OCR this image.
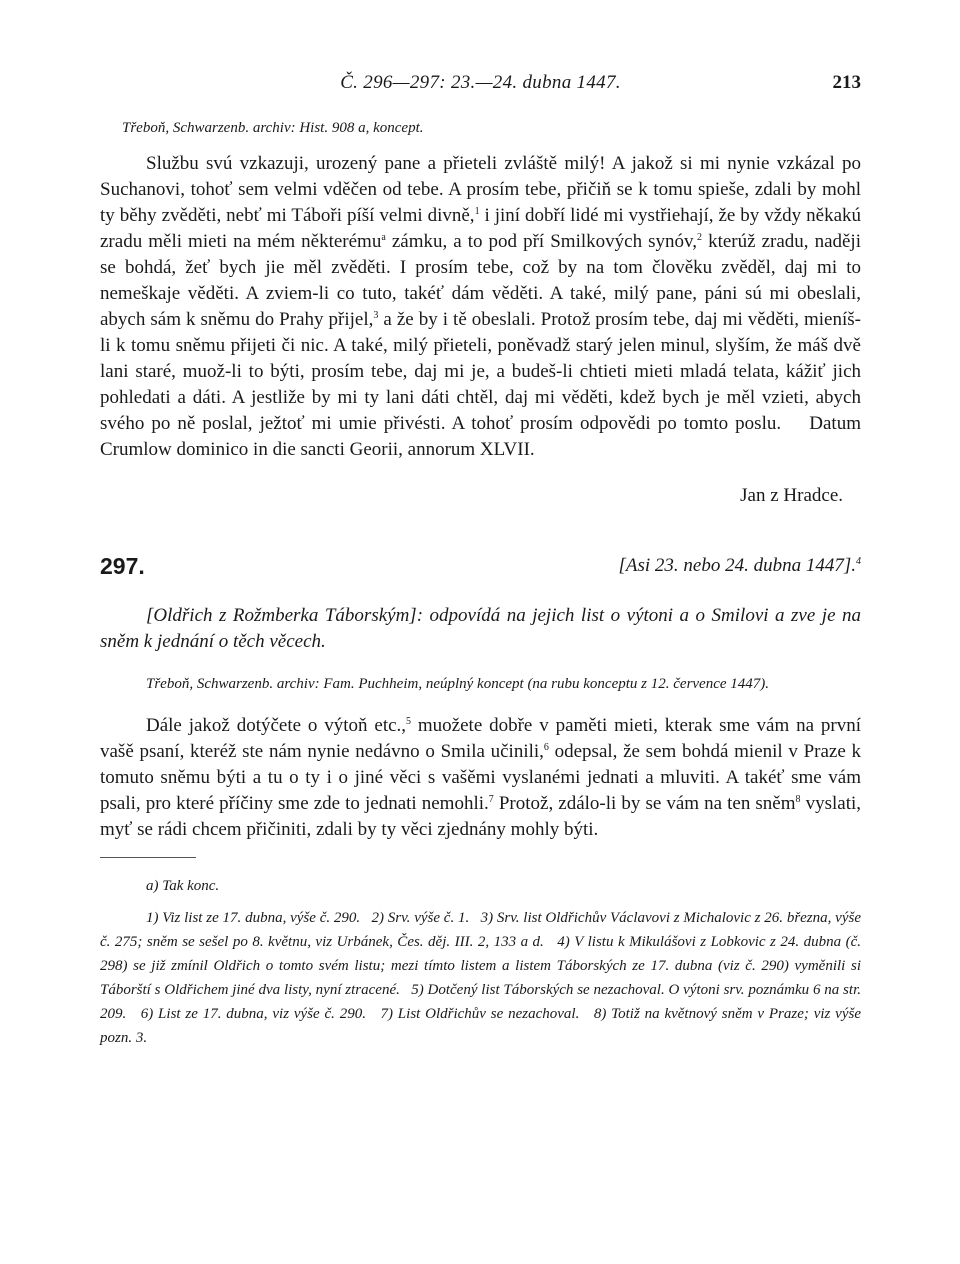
Č. 296—297: 23.—24. dubna 1447.	213
Třeboň, Schwarzenb. archiv: Hist. 908 a, koncept.

Službu svú vzkazuji, urozený pane a přieteli zvláště milý! A jakož si mi nynie vzkázal po Suchanovi, tohoť sem velmi vděčen od tebe. A prosím tebe, přičiň se k tomu spieše, zdali by mohl ty běhy zvěděti, nebť mi Táboři píší velmi divně,$^1$ i jiní dobří lidé mi vystřiehají, že by vždy někakú zradu měli mieti na mém některému$^a$ zámku, a to pod pří Smilkových synóv,$^2$ kterúž zradu, naději se bohdá, žeť bych jie měl zvěděti. I prosím tebe, což by na tom člověku zvěděl, daj mi to nemeškaje věděti. A zviem-li co tuto, takéť dám věděti. A také, milý pane, páni sú mi obeslali, abych sám k sněmu do Prahy přijel,$^3$ a že by i tě obeslali. Protož prosím tebe, daj mi věděti, mieníš-li k tomu sněmu přijeti či nic. A také, milý přieteli, poněvadž starý jelen minul, slyším, že máš dvě lani staré, muož-li to býti, prosím tebe, daj mi je, a budeš-li chtieti mieti mladá telata, kážiť jich pohledati a dáti. A jestliže by mi ty lani dáti chtěl, daj mi věděti, kdež bych je měl vzieti, abych svého po ně poslal, ježtoť mi umie přivésti. A tohoť prosím odpovědi po tomto poslu.    Datum Crumlow dominico in die sancti Georii, annorum XLVII.

Jan z Hradce.
297.	[Asi 23. nebo 24. dubna 1447].$^4$

[Oldřich z Rožmberka Táborským]: odpovídá na jejich list o výtoni a o Smilovi a zve je na sněm k jednání o těch věcech.

Třeboň, Schwarzenb. archiv: Fam. Puchheim, neúplný koncept (na rubu konceptu z 12. července 1447).

Dále jakož dotýčete o výtoň etc.,$^5$ muožete dobře v paměti mieti, kterak sme vám na první vašě psaní, kteréž ste nám nynie nedávno o Smila učinili,$^6$ odepsal, že sem bohdá mienil v Praze k tomuto sněmu býti a tu o ty i o jiné věci s vašěmi vyslanémi jednati a mluviti. A takéť sme vám psali, pro které příčiny sme zde to jednati nemohli.$^7$ Protož, zdálo-li by se vám na ten sněm$^8$ vyslati, myť se rádi chcem přičiniti, zdali by ty věci zjednány mohly býti.

a) Tak konc.

1) Viz list ze 17. dubna, výše č. 290.   2) Srv. výše č. 1.   3) Srv. list Oldřichův Václavovi z Michalovic z 26. března, výše č. 275; sněm se sešel po 8. květnu, viz Urbánek, Čes. děj. III. 2, 133 a d.   4) V listu k Mikulášovi z Lobkovic z 24. dubna (č. 298) se již zmínil Oldřich o tomto svém listu; mezi tímto listem a listem Táborských ze 17. dubna (viz č. 290) vyměnili si Táborští s Oldřichem jiné dva listy, nyní ztracené.   5) Dotčený list Táborských se nezachoval. O výtoni srv. poznámku 6 na str. 209.   6) List ze 17. dubna, viz výše č. 290.   7) List Oldřichův se nezachoval.   8) Totiž na květnový sněm v Praze; viz výše pozn. 3.
